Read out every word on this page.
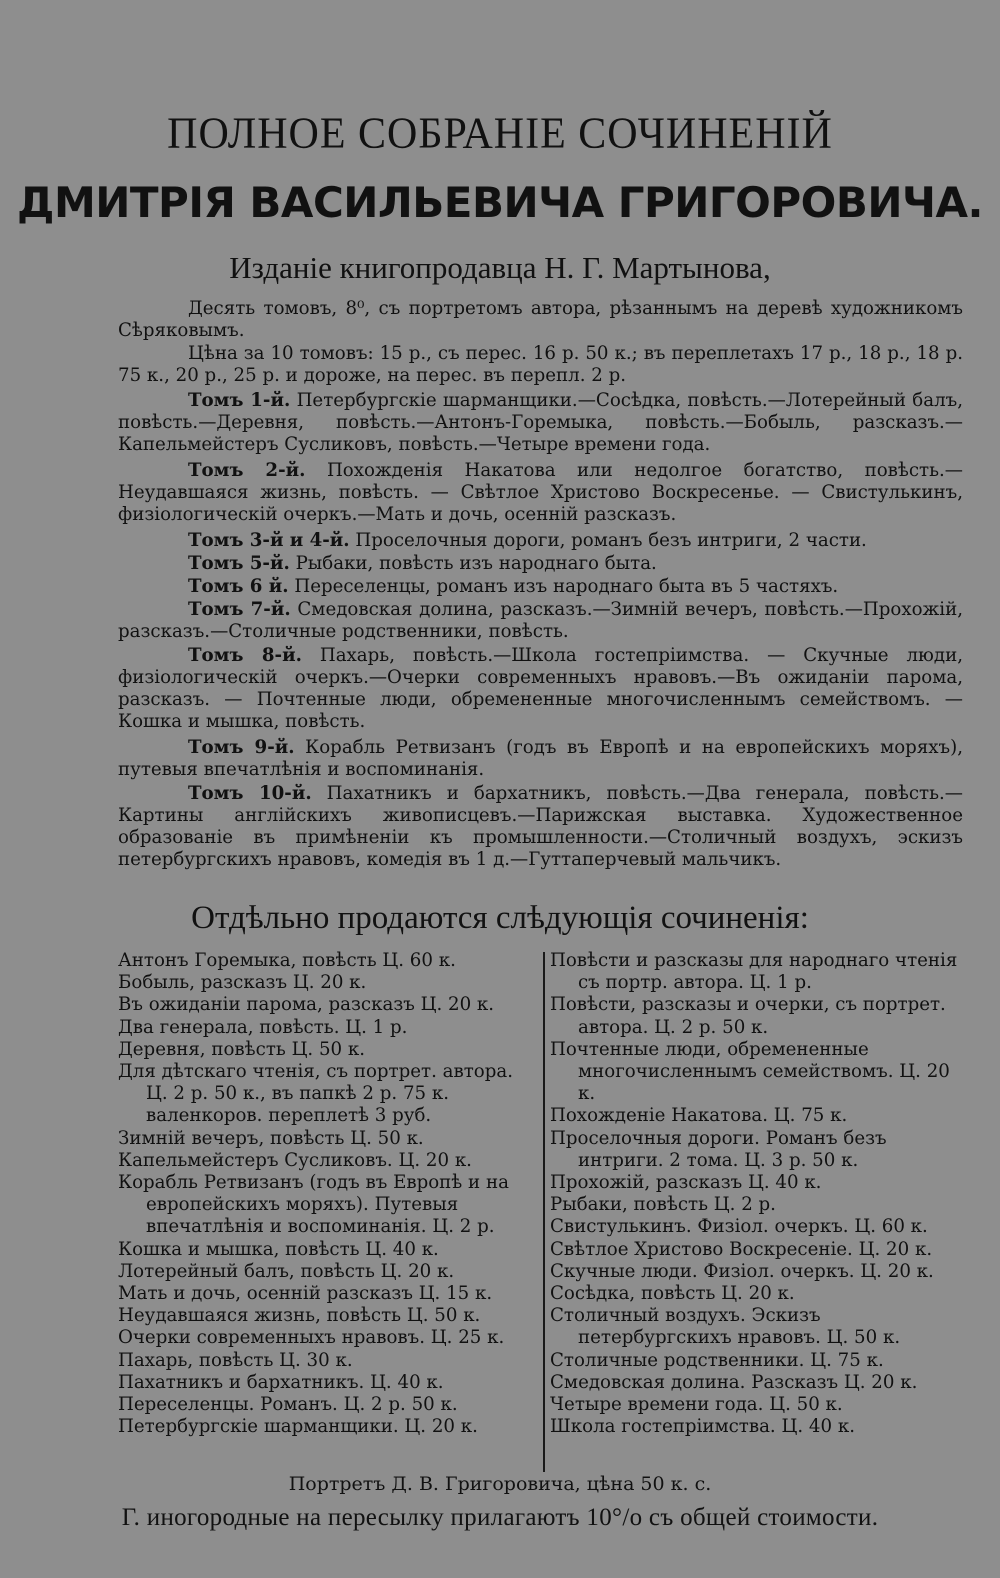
ПОЛНОЕ СОБРАНІЕ СОЧИНЕНІЙ
ДМИТРІЯ ВАСИЛЬЕВИЧА ГРИГОРОВИЧА.
Изданіе книгопродавца Н. Г. Мартынова,
Десять томовъ, 8⁰, съ портретомъ автора, рѣзаннымъ на деревѣ художникомъ Сѣряковымъ.
Цѣна за 10 томовъ: 15 р., съ перес. 16 р. 50 к.; въ переплетахъ 17 р., 18 р., 18 р. 75 к., 20 р., 25 р. и дороже, на перес. въ перепл. 2 р.
Томъ 1-й. Петербургскіе шарманщики.—Сосѣдка, повѣсть.—Лотерейный балъ, повѣсть.—Деревня, повѣсть.—Антонъ-Горемыка, повѣсть.—Бобыль, разсказъ.—Капельмейстеръ Сусликовъ, повѣсть.—Четыре времени года.
Томъ 2-й. Похожденія Накатова или недолгое богатство, повѣсть.—Неудавшаяся жизнь, повѣсть. — Свѣтлое Христово Воскресенье. — Свистулькинъ, физіологическій очеркъ.—Мать и дочь, осенній разсказъ.
Томъ 3-й и 4-й. Проселочныя дороги, романъ безъ интриги, 2 части.
Томъ 5-й. Рыбаки, повѣсть изъ народнаго быта.
Томъ 6 й. Переселенцы, романъ изъ народнаго быта въ 5 частяхъ.
Томъ 7-й. Смедовская долина, разсказъ.—Зимній вечеръ, повѣсть.—Прохожій, разсказъ.—Столичные родственники, повѣсть.
Томъ 8-й. Пахарь, повѣсть.—Школа гостепріимства. — Скучные люди, физіологическій очеркъ.—Очерки современныхъ нравовъ.—Въ ожиданіи парома, разсказъ. — Почтенные люди, обремененные многочисленнымъ семействомъ. — Кошка и мышка, повѣсть.
Томъ 9-й. Корабль Ретвизанъ (годъ въ Европѣ и на европейскихъ моряхъ), путевыя впечатлѣнія и воспоминанія.
Томъ 10-й. Пахатникъ и бархатникъ, повѣсть.—Два генерала, повѣсть.—Картины англійскихъ живописцевъ.—Парижская выставка. Художественное образованіе въ примѣненіи къ промышленности.—Столичный воздухъ, эскизъ петербургскихъ нравовъ, комедія въ 1 д.—Гуттаперчевый мальчикъ.
Отдѣльно продаются слѣдующія сочиненія:
Антонъ Горемыка, повѣсть Ц. 60 к.
Бобыль, разсказъ Ц. 20 к.
Въ ожиданіи парома, разсказъ Ц. 20 к.
Два генерала, повѣсть. Ц. 1 р.
Деревня, повѣсть Ц. 50 к.
Для дѣтскаго чтенія, съ портрет. автора. Ц. 2 р. 50 к., въ папкѣ 2 р. 75 к. валенкоров. переплетѣ 3 руб.
Зимній вечеръ, повѣсть Ц. 50 к.
Капельмейстеръ Сусликовъ. Ц. 20 к.
Корабль Ретвизанъ (годъ въ Европѣ и на европейскихъ моряхъ). Путевыя впечатлѣнія и воспоминанія. Ц. 2 р.
Кошка и мышка, повѣсть Ц. 40 к.
Лотерейный балъ, повѣсть Ц. 20 к.
Мать и дочь, осенній разсказъ Ц. 15 к.
Неудавшаяся жизнь, повѣсть Ц. 50 к.
Очерки современныхъ нравовъ. Ц. 25 к.
Пахарь, повѣсть Ц. 30 к.
Пахатникъ и бархатникъ. Ц. 40 к.
Переселенцы. Романъ. Ц. 2 р. 50 к.
Петербургскіе шарманщики. Ц. 20 к.
Повѣсти и разсказы для народнаго чтенія съ портр. автора. Ц. 1 р.
Повѣсти, разсказы и очерки, съ портрет. автора. Ц. 2 р. 50 к.
Почтенные люди, обремененные многочисленнымъ семействомъ. Ц. 20 к.
Похожденіе Накатова. Ц. 75 к.
Проселочныя дороги. Романъ безъ интриги. 2 тома. Ц. 3 р. 50 к.
Прохожій, разсказъ Ц. 40 к.
Рыбаки, повѣсть Ц. 2 р.
Свистулькинъ. Физіол. очеркъ. Ц. 60 к.
Свѣтлое Христово Воскресеніе. Ц. 20 к.
Скучные люди. Физіол. очеркъ. Ц. 20 к.
Сосѣдка, повѣсть Ц. 20 к.
Столичный воздухъ. Эскизъ петербургскихъ нравовъ. Ц. 50 к.
Столичные родственники. Ц. 75 к.
Смедовская долина. Разсказъ Ц. 20 к.
Четыре времени года. Ц. 50 к.
Школа гостепріимства. Ц. 40 к.
Портретъ Д. В. Григоровича, цѣна 50 к. с.
Г. иногородные на пересылку прилагаютъ 10°/о съ общей стоимости.
